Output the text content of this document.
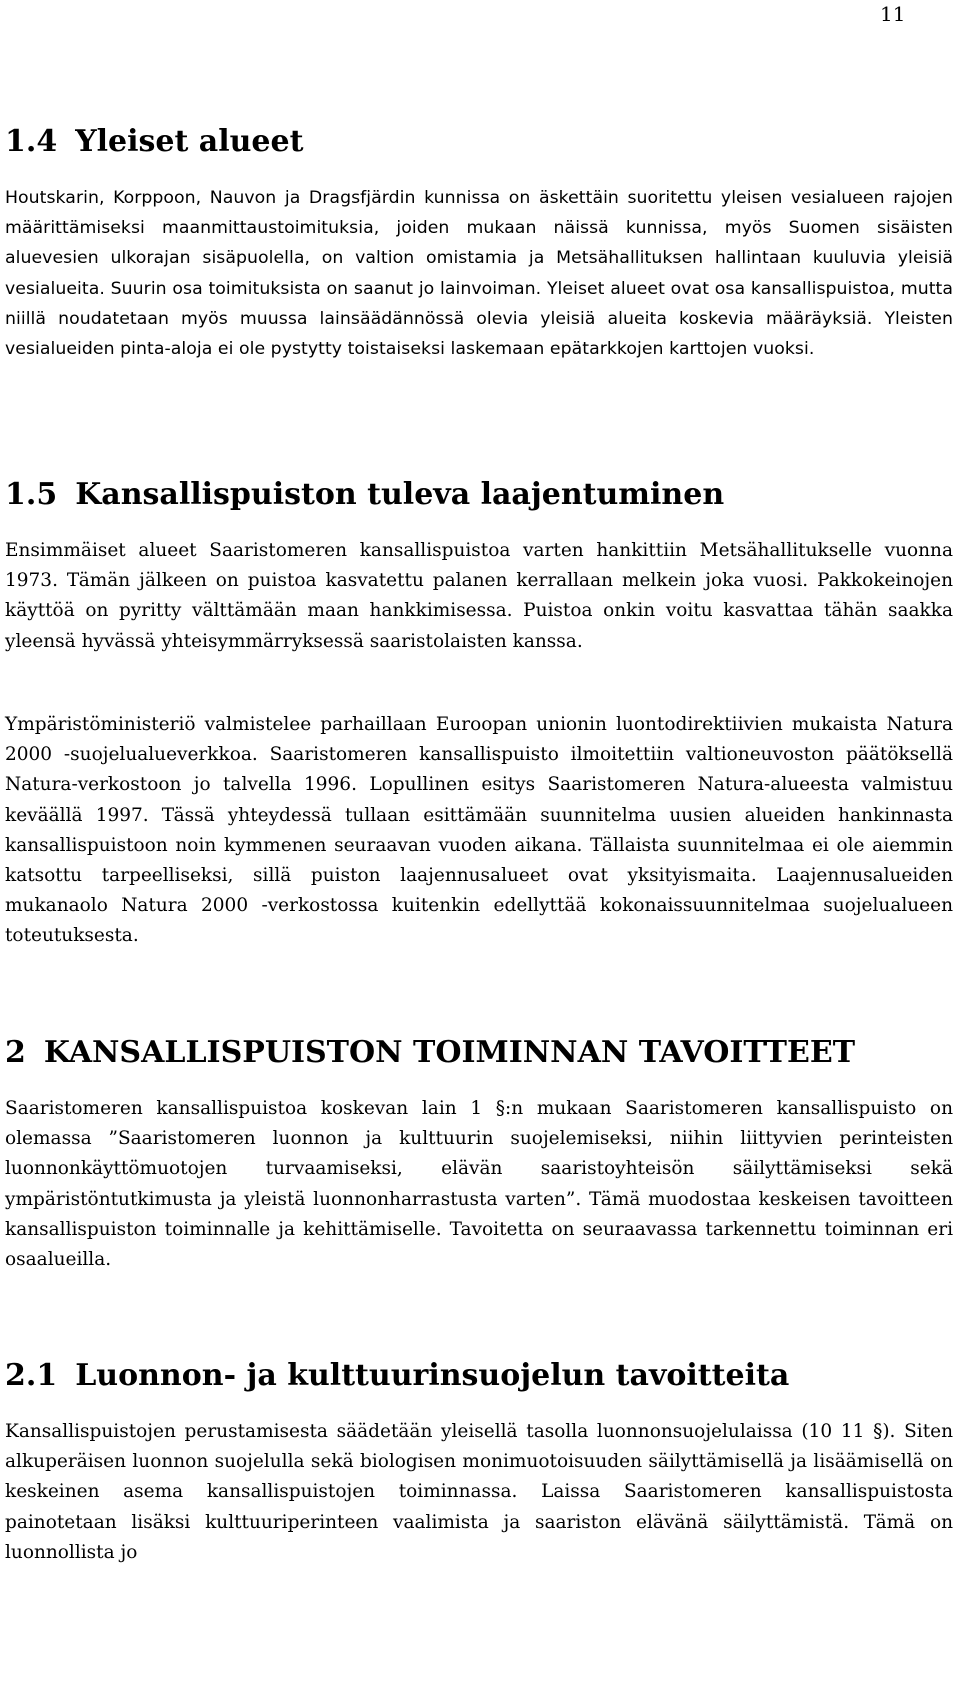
11
1.4 Yleiset alueet

Houtskarin, Korppoon, Nauvon ja Dragsfjärdin kunnissa on äskettäin suoritettu yleisen vesialueen rajojen määrittämiseksi maanmittaustoimituksia, joiden mukaan näissä kunnissa, myös Suomen sisäisten aluevesien ulkorajan sisäpuolella, on valtion omistamia ja Metsähallituksen hallintaan kuuluvia yleisiä vesialueita. Suurin osa toimituksista on saanut jo lainvoiman. Yleiset alueet ovat osa kansallispuistoa, mutta niillä noudatetaan myös muussa lainsäädännössä olevia yleisiä alueita koskevia määräyksiä. Yleisten vesialueiden pinta-aloja ei ole pystytty toistaiseksi laskemaan epätarkkojen karttojen vuoksi.

1.5 Kansallispuiston tuleva laajentuminen

Ensimmäiset alueet Saaristomeren kansallispuistoa varten hankittiin Metsähallitukselle vuonna 1973. Tämän jälkeen on puistoa kasvatettu palanen kerrallaan melkein joka vuosi. Pakkokeinojen käyttöä on pyritty välttämään maan hankkimisessa. Puistoa onkin voitu kasvattaa tähän saakka yleensä hyvässä yhteisymmärryksessä saaristolaisten kanssa.

Ympäristöministeriö valmistelee parhaillaan Euroopan unionin luontodirektiivien mukaista Natura 2000 -suojelualueverkkoa. Saaristomeren kansallispuisto ilmoitettiin valtioneuvoston päätöksellä Natura-verkostoon jo talvella 1996. Lopullinen esitys Saaristomeren Natura-alueesta valmistuu keväällä 1997. Tässä yhteydessä tullaan esittämään suunnitelma uusien alueiden hankinnasta kansallispuistoon noin kymmenen seuraavan vuoden aikana. Tällaista suunnitelmaa ei ole aiemmin katsottu tarpeelliseksi, sillä puiston laajennusalueet ovat yksityismaita. Laajennusalueiden mukanaolo Natura 2000 -verkostossa kuitenkin edellyttää kokonaissuunnitelmaa suojelualueen toteutuksesta.

2 KANSALLISPUISTON TOIMINNAN TAVOITTEET

Saaristomeren kansallispuistoa koskevan lain 1 §:n mukaan Saaristomeren kansallispuisto on olemassa ”Saaristomeren luonnon ja kulttuurin suojelemiseksi, niihin liittyvien perinteisten luonnonkäyttömuotojen turvaamiseksi, elävän saaristoyhteisön säilyttämiseksi sekä ympäristöntutkimusta ja yleistä luonnonharrastusta varten”. Tämä muodostaa keskeisen tavoitteen kansallispuiston toiminnalle ja kehittämiselle. Tavoitetta on seuraavassa tarkennettu toiminnan eri osaalueilla.

2.1 Luonnon- ja kulttuurinsuojelun tavoitteita

Kansallispuistojen perustamisesta säädetään yleisellä tasolla luonnonsuojelulaissa (10 11 §). Siten alkuperäisen luonnon suojelulla sekä biologisen monimuotoisuuden säilyttämisellä ja lisäämisellä on keskeinen asema kansallispuistojen toiminnassa. Laissa Saaristomeren kansallispuistosta painotetaan lisäksi kulttuuriperinteen vaalimista ja saariston elävänä säilyttämistä. Tämä on luonnollista jo
